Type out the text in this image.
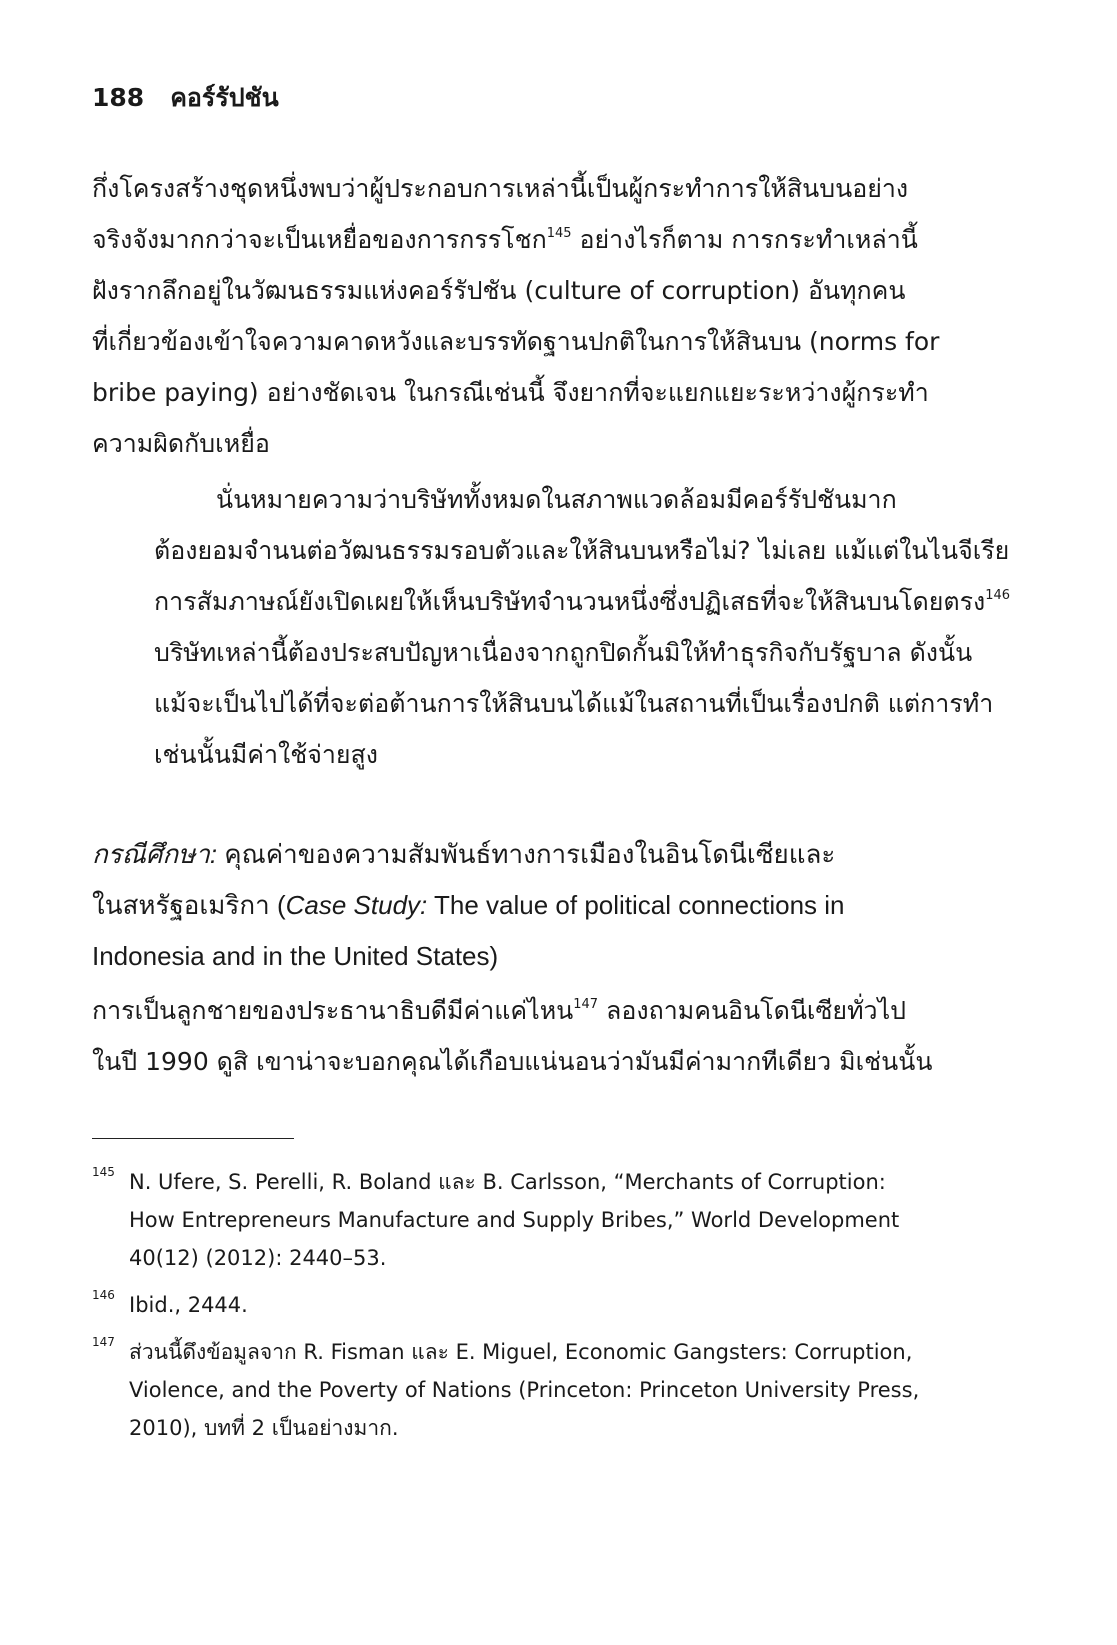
188 คอร์รัปชัน

กึ่งโครงสร้างชุดหนึ่งพบว่าผู้ประกอบการเหล่านี้เป็นผู้กระทำการให้สินบนอย่าง
จริงจังมากกว่าจะเป็นเหยื่อของการกรรโชก$^{145}$ อย่างไรก็ตาม การกระทำเหล่านี้
ฝังรากลึกอยู่ในวัฒนธรรมแห่งคอร์รัปชัน (culture of corruption) อันทุกคน
ที่เกี่ยวข้องเข้าใจความคาดหวังและบรรทัดฐานปกติในการให้สินบน (norms for
bribe paying) อย่างชัดเจน ในกรณีเช่นนี้ จึงยากที่จะแยกแยะระหว่างผู้กระทำ
ความผิดกับเหยื่อ

นั่นหมายความว่าบริษัททั้งหมดในสภาพแวดล้อมมีคอร์รัปชันมาก
ต้องยอมจำนนต่อวัฒนธรรมรอบตัวและให้สินบนหรือไม่? ไม่เลย แม้แต่ในไนจีเรีย
การสัมภาษณ์ยังเปิดเผยให้เห็นบริษัทจำนวนหนึ่งซึ่งปฏิเสธที่จะให้สินบนโดยตรง$^{146}$
บริษัทเหล่านี้ต้องประสบปัญหาเนื่องจากถูกปิดกั้นมิให้ทำธุรกิจกับรัฐบาล ดังนั้น
แม้จะเป็นไปได้ที่จะต่อต้านการให้สินบนได้แม้ในสถานที่เป็นเรื่องปกติ แต่การทำ
เช่นนั้นมีค่าใช้จ่ายสูง

กรณีศึกษา: คุณค่าของความสัมพันธ์ทางการเมืองในอินโดนีเซียและ
ในสหรัฐอเมริกา (Case Study: The value of political connections in
Indonesia and in the United States)

การเป็นลูกชายของประธานาธิบดีมีค่าแค่ไหน$^{147}$ ลองถามคนอินโดนีเซียทั่วไป
ในปี 1990 ดูสิ เขาน่าจะบอกคุณได้เกือบแน่นอนว่ามันมีค่ามากทีเดียว มิเช่นนั้น

145 N. Ufere, S. Perelli, R. Boland และ B. Carlsson, “Merchants of Corruption:
How Entrepreneurs Manufacture and Supply Bribes,” World Development
40(12) (2012): 2440–53.
146 Ibid., 2444.
147 ส่วนนี้ดึงข้อมูลจาก R. Fisman และ E. Miguel, Economic Gangsters: Corruption,
Violence, and the Poverty of Nations (Princeton: Princeton University Press,
2010), บทที่ 2 เป็นอย่างมาก.
